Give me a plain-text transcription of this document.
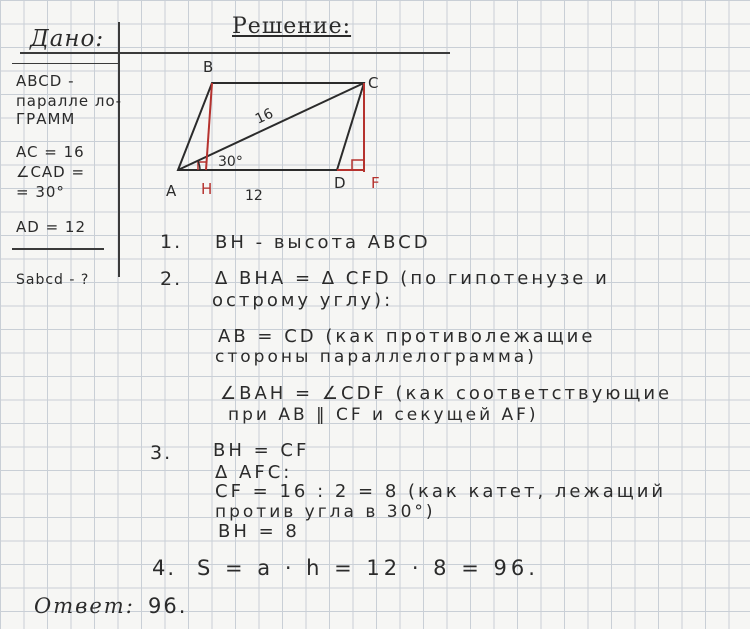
Дано:	Решение:
ABCD -
паралле ло-
ГРАММ
AC = 16
∠CAD =
= 30°
AD = 12
Sabcd - ?
B
C
A H	D F
16
12
30°
1. BH - высота ABCD
2. Δ BHA = Δ CFD (по гипотенузе и
острому углу):
AB = CD (как противолежащие
стороны параллелограмма)
∠BAH = ∠CDF (как соответствующие
при AB ‖ CF и секущей AF)
3. BH = CF
Δ AFC:
CF = 16 : 2 = 8 (как катет, лежащий
против угла в 30°)
BH = 8
4. S = a · h = 12 · 8 = 96.
Ответ: 96.
